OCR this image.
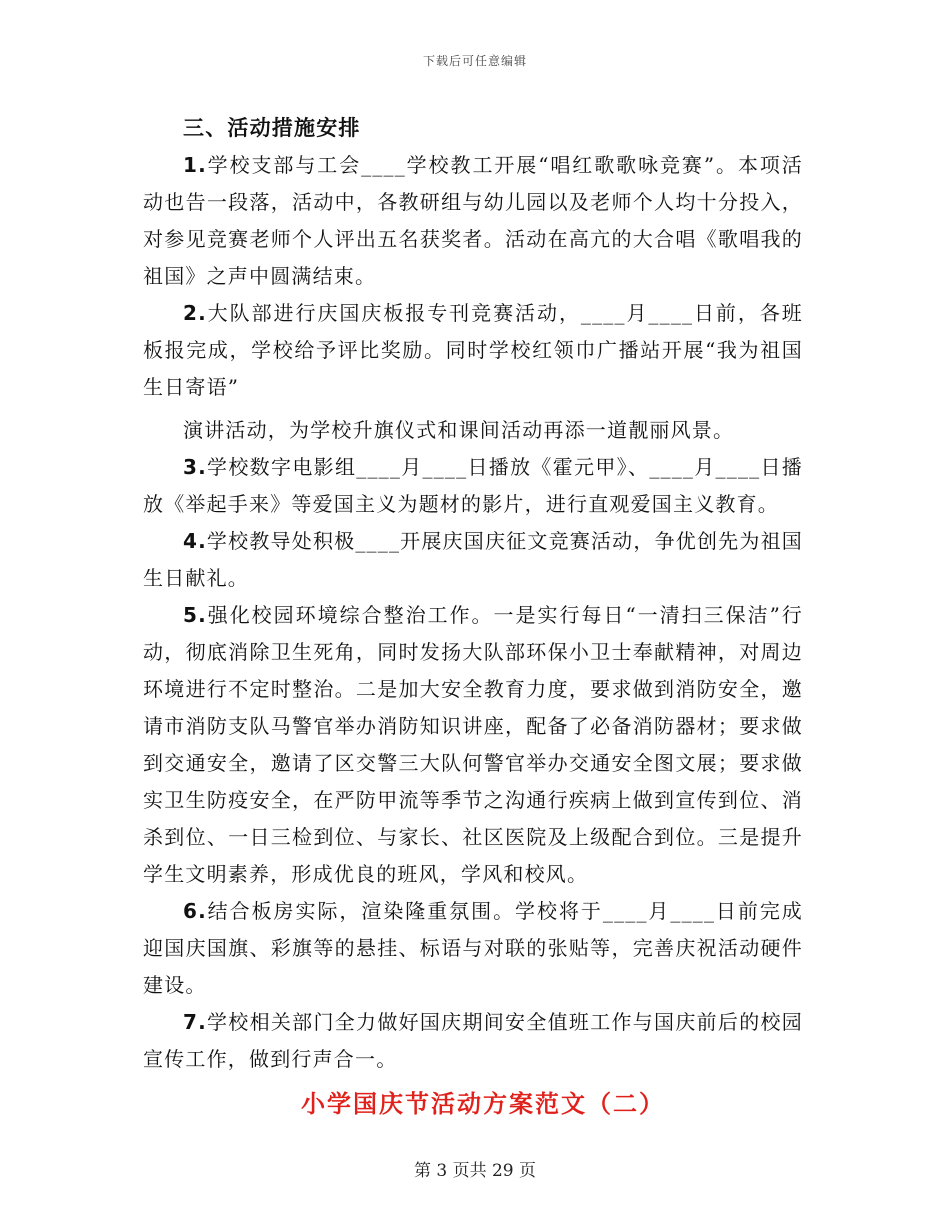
下载后可任意编辑
三、活动措施安排

1.学校支部与工会____学校教工开展“唱红歌歌咏竞赛”。本项活动也告一段落，活动中，各教研组与幼儿园以及老师个人均十分投入，对参见竞赛老师个人评出五名获奖者。活动在高亢的大合唱《歌唱我的祖国》之声中圆满结束。

2.大队部进行庆国庆板报专刊竞赛活动，____月____日前，各班板报完成，学校给予评比奖励。同时学校红领巾广播站开展“我为祖国生日寄语”

演讲活动，为学校升旗仪式和课间活动再添一道靓丽风景。

3.学校数字电影组____月____日播放《霍元甲》、____月____日播放《举起手来》等爱国主义为题材的影片，进行直观爱国主义教育。

4.学校教导处积极____开展庆国庆征文竞赛活动，争优创先为祖国生日献礼。

5.强化校园环境综合整治工作。一是实行每日“一清扫三保洁”行动，彻底消除卫生死角，同时发扬大队部环保小卫士奉献精神，对周边环境进行不定时整治。二是加大安全教育力度，要求做到消防安全，邀请市消防支队马警官举办消防知识讲座，配备了必备消防器材；要求做到交通安全，邀请了区交警三大队何警官举办交通安全图文展；要求做实卫生防疫安全，在严防甲流等季节之沟通行疾病上做到宣传到位、消杀到位、一日三检到位、与家长、社区医院及上级配合到位。三是提升学生文明素养，形成优良的班风，学风和校风。

6.结合板房实际，渲染隆重氛围。学校将于____月____日前完成迎国庆国旗、彩旗等的悬挂、标语与对联的张贴等，完善庆祝活动硬件建设。

7.学校相关部门全力做好国庆期间安全值班工作与国庆前后的校园宣传工作，做到行声合一。

小学国庆节活动方案范文（二）
第 3 页共 29 页
